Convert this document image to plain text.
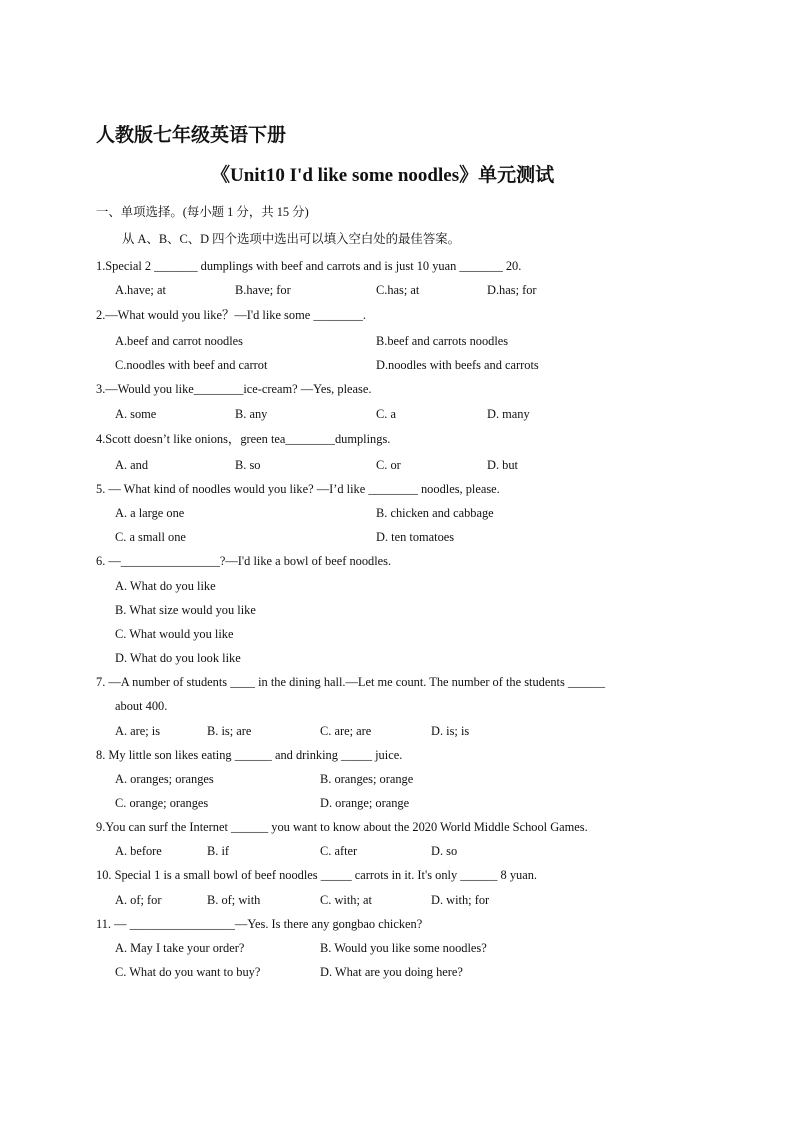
人教版七年级英语下册
《Unit10 I'd like some noodles》单元测试
一、单项选择。(每小题 1 分，共 15 分)
从 A、B、C、D 四个选项中选出可以填入空白处的最佳答案。
1.Special 2 _______ dumplings with beef and carrots and is just 10 yuan _______ 20.
A.have; at	B.have; for	C.has; at	D.has; for
2.—What would you like？—I'd like some ________.
A.beef and carrot noodles	B.beef and carrots noodles
C.noodles with beef and carrot	D.noodles with beefs and carrots
3.—Would you like________ice-cream? —Yes, please.
A. some	B. any	C. a	D. many
4.Scott doesn’t like onions，green tea________dumplings.
A. and	B. so	C. or	D. but
5. — What kind of noodles would you like? —I’d like ________ noodles, please.
A. a large one	B. chicken and cabbage
C. a small one	D. ten tomatoes
6. —________________?—I'd like a bowl of beef noodles.
A. What do you like
B. What size would you like
C. What would you like
D. What do you look like
7. —A number of students ____ in the dining hall.—Let me count. The number of the students ______
about 400.
A. are; is	B. is; are	C. are; are	D. is; is
8. My little son likes eating ______ and drinking _____ juice.
A. oranges; oranges	B. oranges; orange
C. orange; oranges	D. orange; orange
9.You can surf the Internet ______ you want to know about the 2020 World Middle School Games.
A. before	B. if	C. after	D. so
10. Special 1 is a small bowl of beef noodles _____ carrots in it. It's only ______ 8 yuan.
A. of; for	B. of; with	C. with; at	D. with; for
11. — _________________—Yes. Is there any gongbao chicken?
A. May I take your order?	B. Would you like some noodles?
C. What do you want to buy?	D. What are you doing here?
